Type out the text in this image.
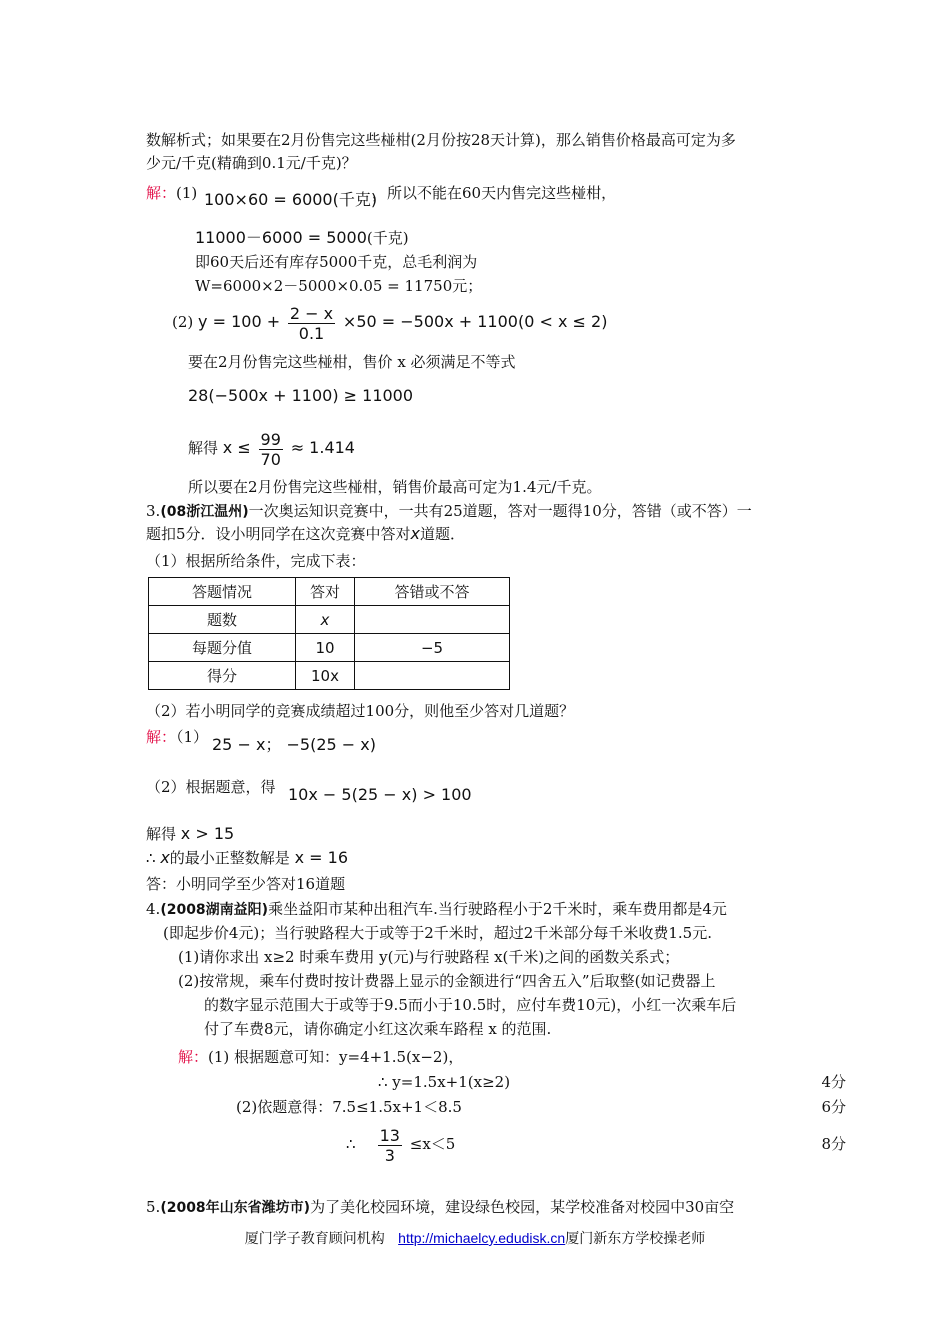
数解析式；如果要在2月份售完这些椪柑(2月份按28天计算)，那么销售价格最高可定为多
少元/千克(精确到0.1元/千克)？
解：(1) 100×60 = 6000(千克)
，所以不能在60天内售完这些椪柑，
11000－6000 = 5000(千克)
即60天后还有库存5000千克，总毛利润为
W=6000×2－5000×0.05 = 11750元；
(2) $y = 100 + \frac{2 - x}{0.1} \times 50 = -500x + 1100(0 < x \le 2)$
要在2月份售完这些椪柑，售价 x 必须满足不等式
28(−500x + 1100) ≥ 11000
解得 $x \le \frac{99}{70} \approx 1.414$
所以要在2月份售完这些椪柑，销售价最高可定为1.4元/千克。
3.(08浙江温州)一次奥运知识竞赛中，一共有25道题，答对一题得10分，答错（或不答）一
题扣5分．设小明同学在这次竞赛中答对x道题．
（1）根据所给条件，完成下表：
答题情况	答对	答错或不答
题数	x	
每题分值	10	−5
得分	10x	
（2）若小明同学的竞赛成绩超过100分，则他至少答对几道题？
解：（1） 25 − x； −5(25 − x)
（2）根据题意，得 10x − 5(25 − x) > 100
解得 x > 15
∴ x的最小正整数解是 x = 16
答：小明同学至少答对16道题
4.(2008湖南益阳)乘坐益阳市某种出租汽车.当行驶路程小于2千米时，乘车费用都是4元
(即起步价4元)；当行驶路程大于或等于2千米时，超过2千米部分每千米收费1.5元.
(1)请你求出 x≥2 时乘车费用 y(元)与行驶路程 x(千米)之间的函数关系式；
(2)按常规，乘车付费时按计费器上显示的金额进行“四舍五入”后取整(如记费器上
的数字显示范围大于或等于9.5而小于10.5时，应付车费10元)，小红一次乘车后
付了车费8元，请你确定小红这次乘车路程 x 的范围.
解：(1) 根据题意可知：y=4+1.5(x−2)，
∴ y=1.5x+1(x≥2)	4分
(2)依题意得：7.5≤1.5x+1＜8.5	6分
∴ $\frac{13}{3} \le x<5$	8分
5.(2008年山东省潍坊市)为了美化校园环境，建设绿色校园，某学校准备对校园中30亩空
厦门学子教育顾问机构 http://michaelcy.edudisk.cn厦门新东方学校操老师
